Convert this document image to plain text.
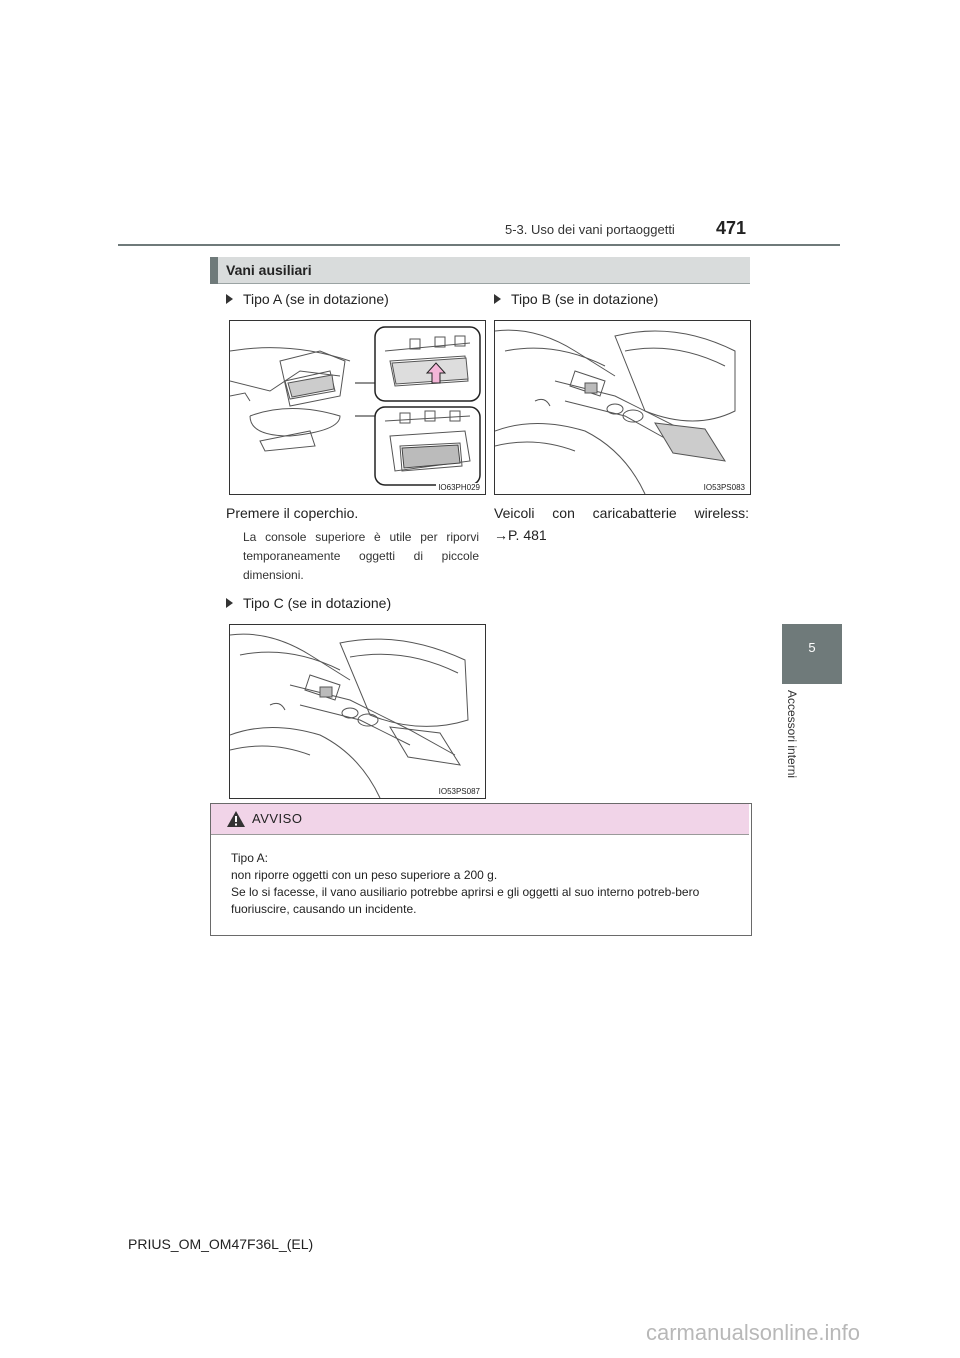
5-3. Uso dei vani portaoggetti 471
5
Accessori interni
Vani ausiliari
Tipo A (se in dotazione)
IO63PH029
Premere il coperchio.
La console superiore è utile per riporvi temporaneamente oggetti di piccole dimensioni.
Tipo B (se in dotazione)
IO53PS083
Veicoli con caricabatterie wireless:
→P. 481
Tipo C (se in dotazione)
IO53PS087
AVVISO
Tipo A:
non riporre oggetti con un peso superiore a 200 g.
Se lo si facesse, il vano ausiliario potrebbe aprirsi e gli oggetti al suo interno potreb-bero fuoriuscire, causando un incidente.
PRIUS_OM_OM47F36L_(EL)
carmanualsonline.info
